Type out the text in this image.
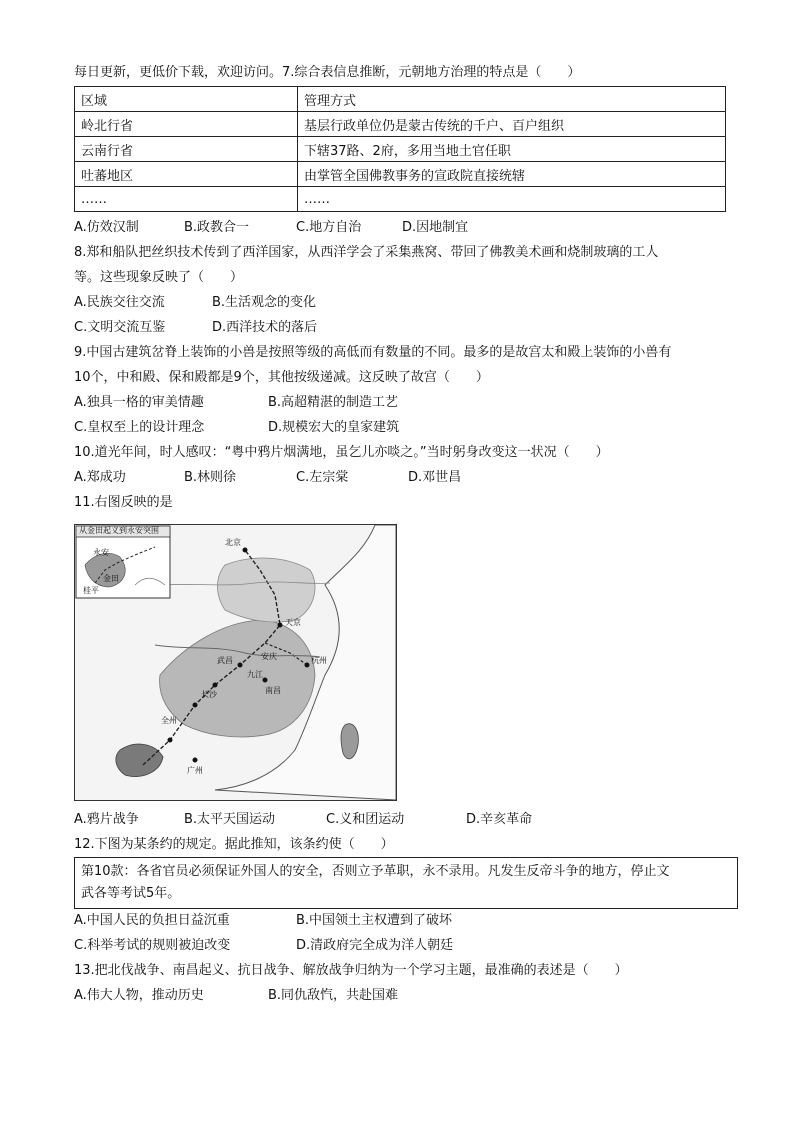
每日更新，更低价下载，欢迎访问。7.综合表信息推断，元朝地方治理的特点是（　　）
区域	管理方式
岭北行省	基层行政单位仍是蒙古传统的千户、百户组织
云南行省	下辖37路、2府，多用当地土官任职
吐蕃地区	由掌管全国佛教事务的宣政院直接统辖
……	……
A.仿效汉制	B.政教合一	C.地方自治	D.因地制宜
8.郑和船队把丝织技术传到了西洋国家，从西洋学会了采集燕窝、带回了佛教美术画和烧制玻璃的工人
等。这些现象反映了（　　）
A.民族交往交流	B.生活观念的变化
C.文明交流互鉴	D.西洋技术的落后
9.中国古建筑岔脊上装饰的小兽是按照等级的高低而有数量的不同。最多的是故宫太和殿上装饰的小兽有
10个，中和殿、保和殿都是9个，其他按级递减。这反映了故宫（　　）
A.独具一格的审美情趣	B.高超精湛的制造工艺
C.皇权至上的设计理念	D.规模宏大的皇家建筑
10.道光年间，时人感叹：“粤中鸦片烟满地，虽乞儿亦啖之。”当时躬身改变这一状况（　　）
A.郑成功	B.林则徐	C.左宗棠	D.邓世昌
11.右图反映的是
从金田起义到永安突围
永安
金田
桂平
天京
长沙
武昌
九江
安庆
全州
广州
杭州
南昌
北京
A.鸦片战争	B.太平天国运动	C.义和团运动	D.辛亥革命
12.下图为某条约的规定。据此推知，该条约使（　　）
第10款：各省官员必须保证外国人的安全，否则立予革职，永不录用。凡发生反帝斗争的地方，停止文
武各等考试5年。
A.中国人民的负担日益沉重	B.中国领土主权遭到了破坏
C.科举考试的规则被迫改变	D.清政府完全成为洋人朝廷
13.把北伐战争、南昌起义、抗日战争、解放战争归纳为一个学习主题，最准确的表述是（　　）
A.伟大人物，推动历史	B.同仇敌忾，共赴国难
